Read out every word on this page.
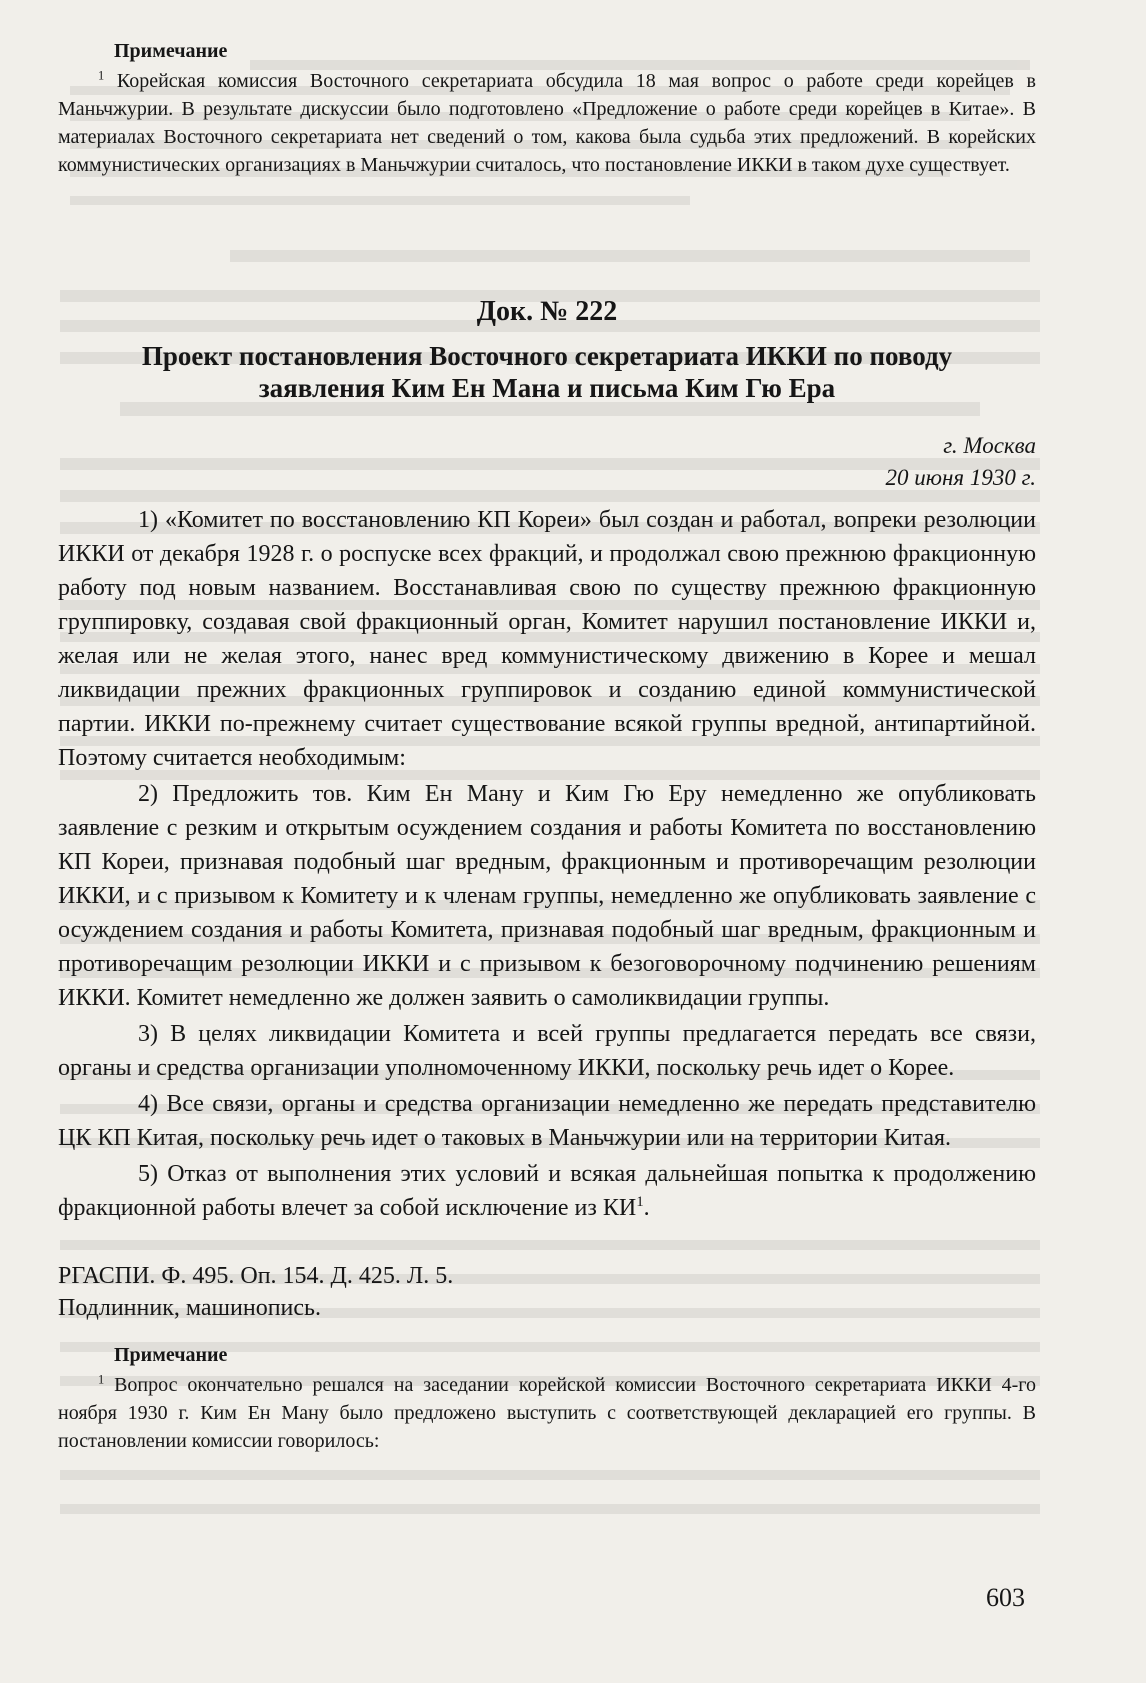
Примечание

$^1$ Корейская комиссия Восточного секретариата обсудила 18 мая вопрос о работе среди корейцев в Маньчжурии. В результате дискуссии было подготовлено «Предложение о работе среди корейцев в Китае». В материалах Восточного секретариата нет сведений о том, какова была судьба этих предложений. В корейских коммунистических организациях в Маньчжурии считалось, что постановление ИККИ в таком духе существует.

Док. № 222
Проект постановления Восточного секретариата ИККИ по поводу
заявления Ким Ен Мана и письма Ким Гю Ера
г. Москва
20 июня 1930 г.

1) «Комитет по восстановлению КП Кореи» был создан и работал, вопреки резолюции ИККИ от декабря 1928 г. о роспуске всех фракций, и продолжал свою прежнюю фракционную работу под новым названием. Восстанавливая свою по существу прежнюю фракционную группировку, создавая свой фракционный орган, Комитет нарушил постановление ИККИ и, желая или не желая этого, нанес вред коммунистическому движению в Корее и мешал ликвидации прежних фракционных группировок и созданию единой коммунистической партии. ИККИ по-прежнему считает существование всякой группы вредной, антипартийной. Поэтому считается необходимым:

2) Предложить тов. Ким Ен Ману и Ким Гю Еру немедленно же опубликовать заявление с резким и открытым осуждением создания и работы Комитета по восстановлению КП Кореи, признавая подобный шаг вредным, фракционным и противоречащим резолюции ИККИ, и с призывом к Комитету и к членам группы, немедленно же опубликовать заявление с осуждением создания и работы Комитета, признавая подобный шаг вредным, фракционным и противоречащим резолюции ИККИ и с призывом к безоговорочному подчинению решениям ИККИ. Комитет немедленно же должен заявить о самоликвидации группы.

3) В целях ликвидации Комитета и всей группы предлагается передать все связи, органы и средства организации уполномоченному ИККИ, поскольку речь идет о Корее.

4) Все связи, органы и средства организации немедленно же передать представителю ЦК КП Китая, поскольку речь идет о таковых в Маньчжурии или на территории Китая.

5) Отказ от выполнения этих условий и всякая дальнейшая попытка к продолжению фракционной работы влечет за собой исключение из $КИ^1$.

РГАСПИ. Ф. 495. Оп. 154. Д. 425. Л. 5.
Подлинник, машинопись.
Примечание

$^1$ Вопрос окончательно решался на заседании корейской комиссии Восточного секретариата ИККИ 4-го ноября 1930 г. Ким Ен Ману было предложено выступить с соответствующей декларацией его группы. В постановлении комиссии говорилось:

603
